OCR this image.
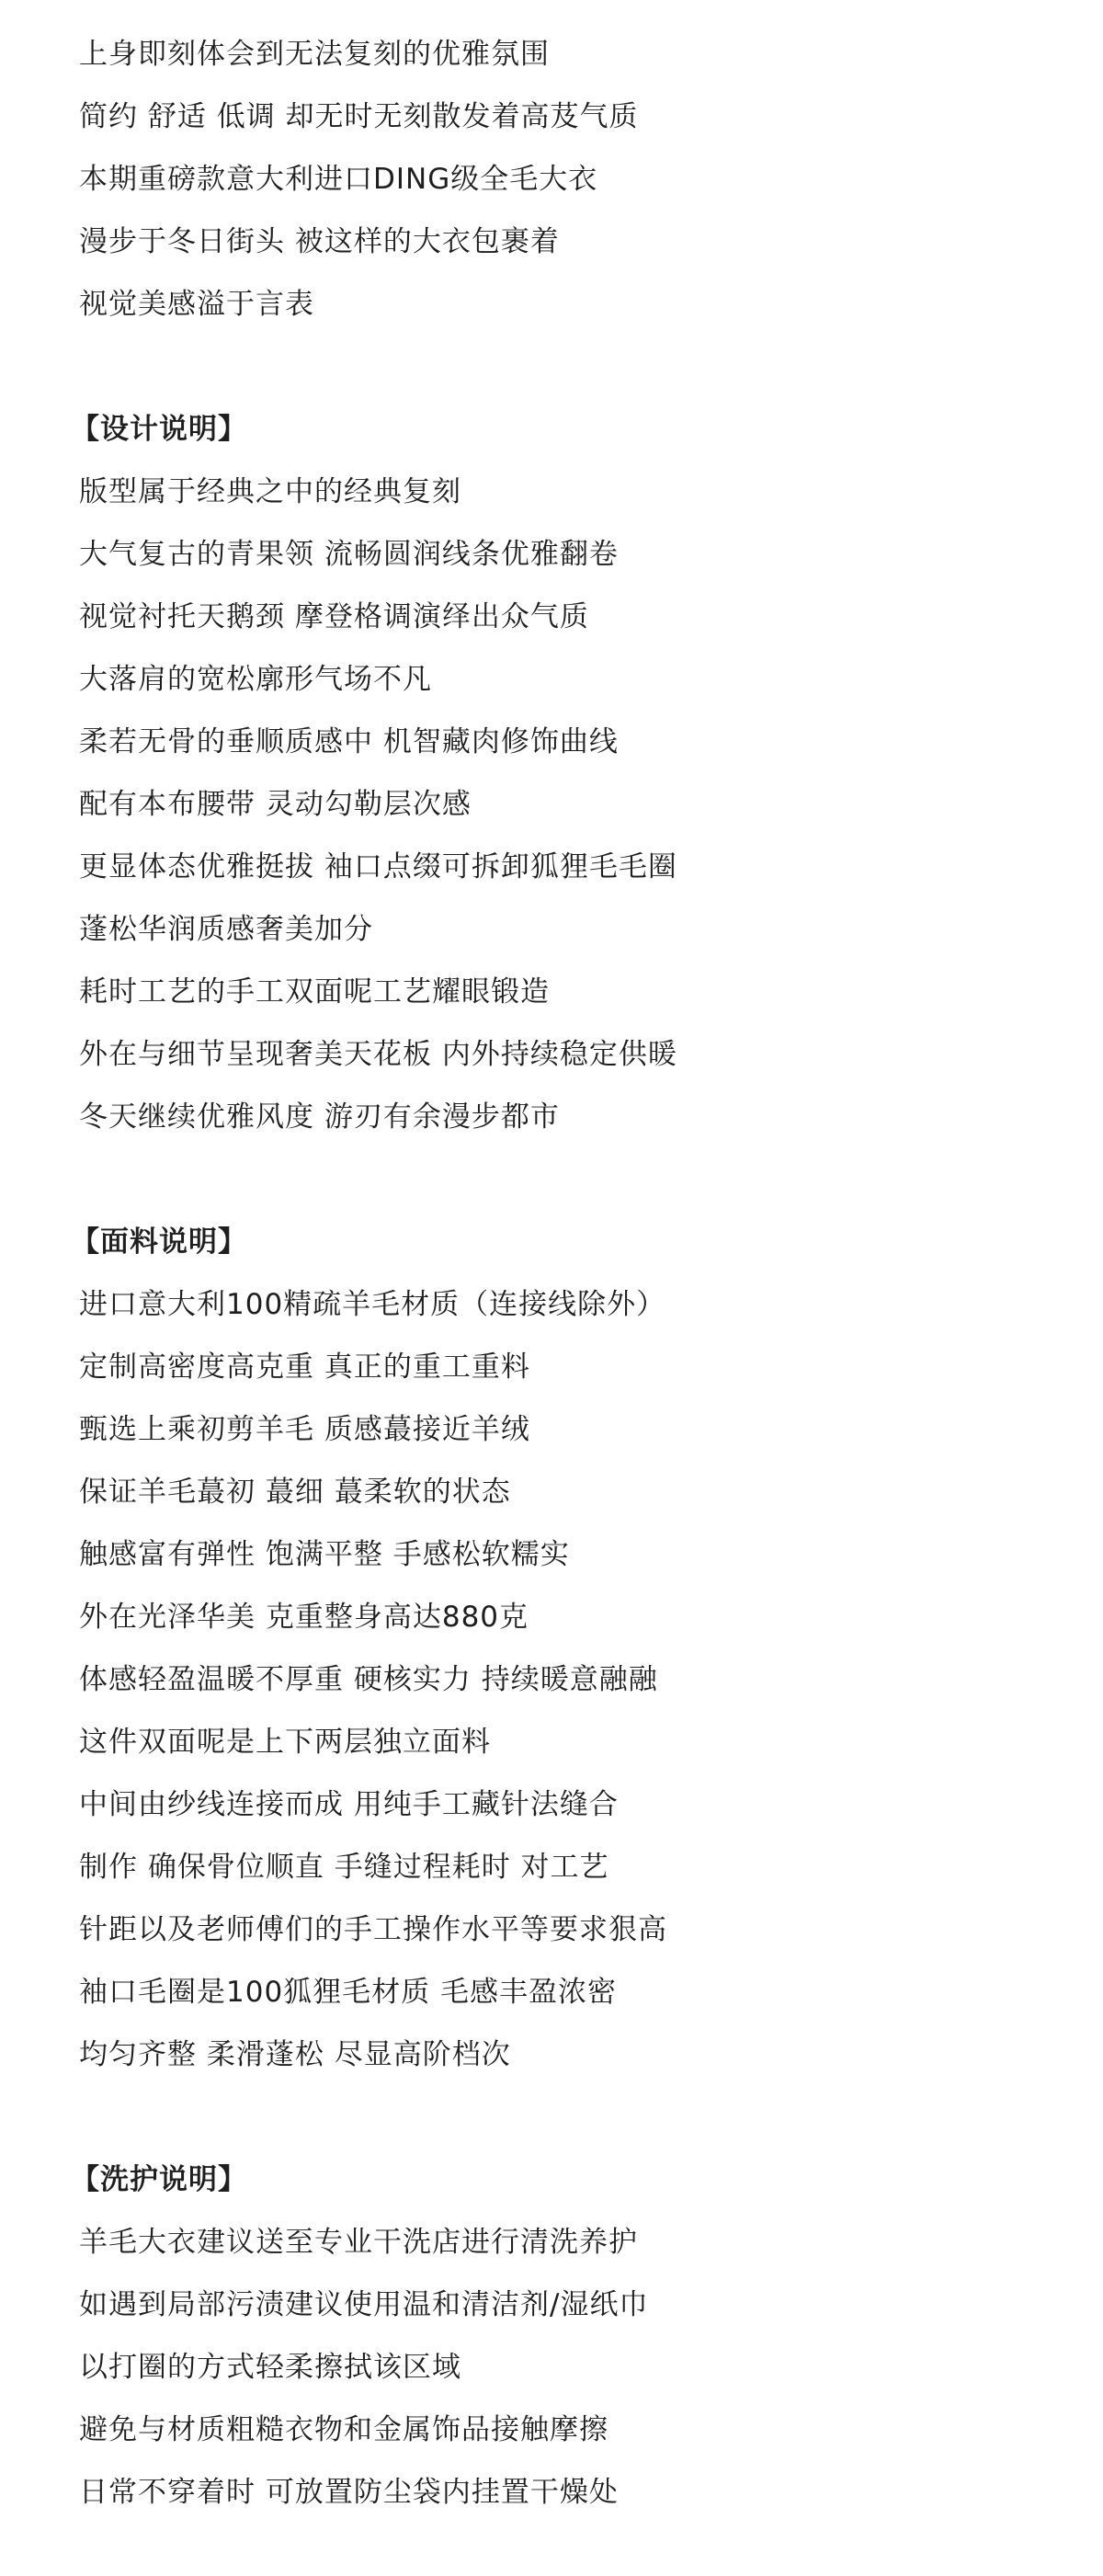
上身即刻体会到无法复刻的优雅氛围
简约 舒适 低调 却无时无刻散发着高芨气质
本期重磅款意大利进口DING级全毛大衣
漫步于冬日街头 被这样的大衣包裹着
视觉美感溢于言表
【设计说明】
版型属于经典之中的经典复刻
大气复古的青果领 流畅圆润线条优雅翻卷
视觉衬托天鹅颈 摩登格调演绎出众气质
大落肩的宽松廓形气场不凡
柔若无骨的垂顺质感中 机智藏肉修饰曲线
配有本布腰带 灵动勾勒层次感
更显体态优雅挺拔 袖口点缀可拆卸狐狸毛毛圈
蓬松华润质感奢美加分
耗时工艺的手工双面呢工艺耀眼锻造
外在与细节呈现奢美天花板 内外持续稳定供暖
冬天继续优雅风度 游刃有余漫步都市
【面料说明】
进口意大利100精疏羊毛材质（连接线除外）
定制高密度高克重 真正的重工重料
甄选上乘初剪羊毛 质感蕞接近羊绒
保证羊毛蕞初 蕞细 蕞柔软的状态
触感富有弹性 饱满平整 手感松软糯实
外在光泽华美 克重整身高达880克
体感轻盈温暖不厚重 硬核实力 持续暖意融融
这件双面呢是上下两层独立面料
中间由纱线连接而成 用纯手工藏针法缝合
制作 确保骨位顺直 手缝过程耗时 对工艺
针距以及老师傅们的手工操作水平等要求狠高
袖口毛圈是100狐狸毛材质 毛感丰盈浓密
均匀齐整 柔滑蓬松 尽显高阶档次
【洗护说明】
羊毛大衣建议送至专业干洗店进行清洗养护
如遇到局部污渍建议使用温和清洁剂/湿纸巾
以打圈的方式轻柔擦拭该区域
避免与材质粗糙衣物和金属饰品接触摩擦
日常不穿着时 可放置防尘袋内挂置干燥处
